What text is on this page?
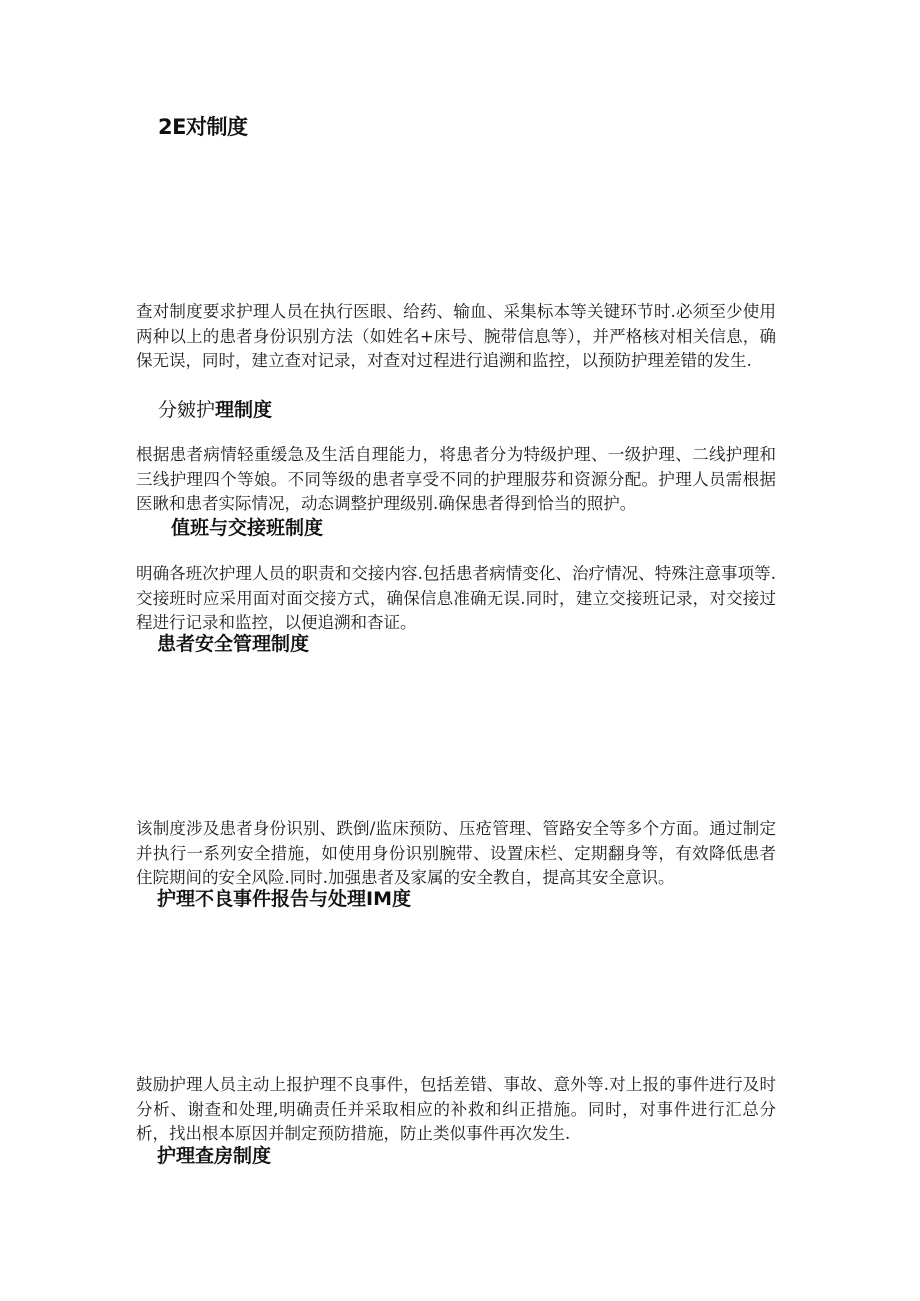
2E对制度

查对制度要求护理人员在执行医眼、给药、输血、采集标本等关键环节时.必须至少使用两种以上的患者身份识别方法（如姓名+床号、腕带信息等），并严格核对相关信息，确保无误，同时，建立查对记录，对查对过程进行追溯和监控，以预防护理差错的发生.

分皴护理制度

根据患者病情轻重缓急及生活自理能力，将患者分为特级护理、一级护理、二线护理和三线护理四个等娘。不同等级的患者享受不同的护理服芬和资源分配。护理人员需根据医瞅和患者实际情况，动态调整护理级别.确保患者得到恰当的照护。

值班与交接班制度

明确各班次护理人员的职责和交接内容.包括患者病情变化、治疗情况、特殊注意事项等.交接班时应采用面对面交接方式，确保信息准确无误.同时，建立交接班记录，对交接过程进行记录和监控，以便追溯和杳证。

患者安全管理制度

该制度涉及患者身份识别、跌倒/监床预防、压疮管理、管路安全等多个方面。通过制定并执行一系列安全措施，如使用身份识别腕带、设置床栏、定期翻身等，有效降低患者住院期间的安全风险.同时.加强患者及家属的安全教自，提高其安全意识。

护理不良事件报告与处理IM度

鼓励护理人员主动上报护理不良事件，包括差错、事故、意外等.对上报的事件进行及时分析、谢查和处理,明确责任并采取相应的补救和纠正措施。同时，对事件进行汇总分析，找出根本原因并制定预防措施，防止类似事件再次发生.

护理查房制度
